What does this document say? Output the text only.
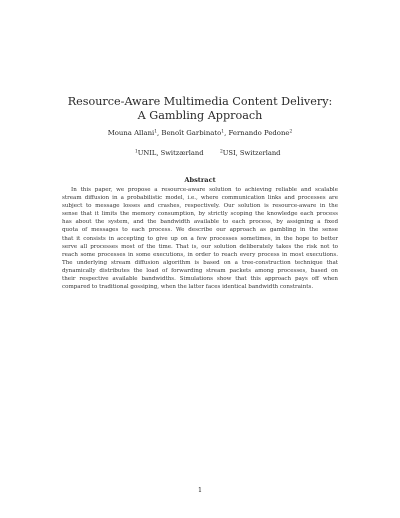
Resource-Aware Multimedia Content Delivery:
A Gambling Approach
Mouna Allani$^1$, Benoît Garbinato$^1$, Fernando Pedone$^2$
$^1$UNIL, Switzærland	$^2$USI, Switzerland
Abstract
In this paper, we propose a resource-aware solution to achieving reliable and scalable
stream diffusion in a probabilistic model, i.e., where communication links and processes are
subject to message losses and crashes, respectively. Our solution is resource-aware in the
sense that it limits the memory consumption, by strictly scoping the knowledge each process
has about the system, and the bandwidth available to each process, by assigning a fixed
quota of messages to each process. We describe our approach as gambling in the sense
that it consists in accepting to give up on a few processes sometimes, in the hope to better
serve all processes most of the time. That is, our solution deliberately takes the risk not to
reach some processes in some executions, in order to reach every process in most executions.
The underlying stream diffusion algorithm is based on a tree-construction technique that
dynamically distributes the load of forwarding stream packets among processes, based on
their respective available bandwidths. Simulations show that this approach pays off when
compared to traditional gossiping, when the latter faces identical bandwidth constraints.
1
